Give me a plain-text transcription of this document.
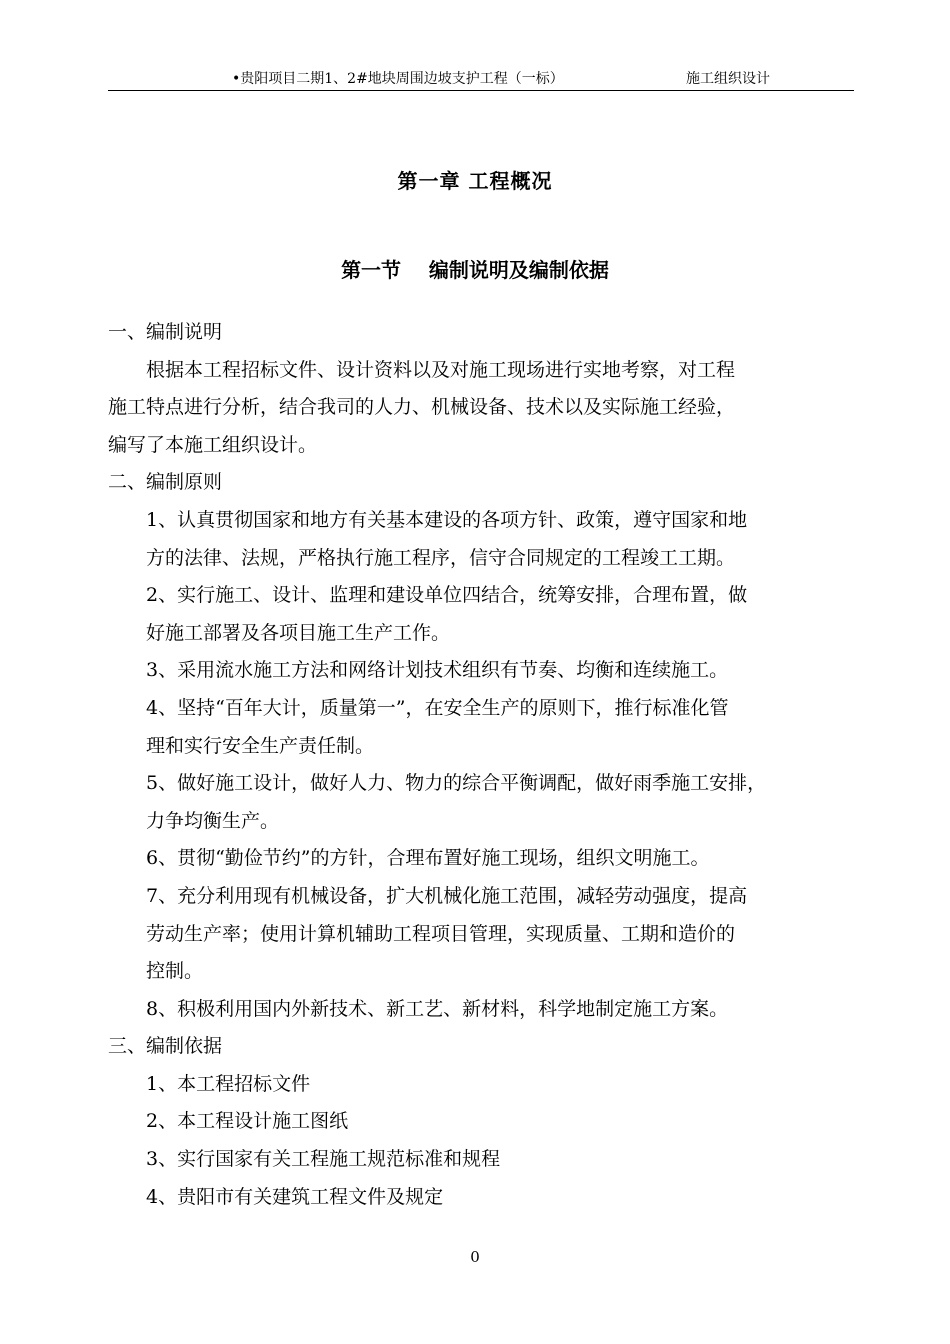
•贵阳项目二期1、2#地块周围边坡支护工程（一标）	施工组织设计
第一章 工程概况
第一节    编制说明及编制依据
一、编制说明
根据本工程招标文件、设计资料以及对施工现场进行实地考察，对工程
施工特点进行分析，结合我司的人力、机械设备、技术以及实际施工经验，
编写了本施工组织设计。
二、编制原则
1、认真贯彻国家和地方有关基本建设的各项方针、政策，遵守国家和地
方的法律、法规，严格执行施工程序，信守合同规定的工程竣工工期。
2、实行施工、设计、监理和建设单位四结合，统筹安排，合理布置，做
好施工部署及各项目施工生产工作。
3、采用流水施工方法和网络计划技术组织有节奏、均衡和连续施工。
4、坚持“百年大计，质量第一”，在安全生产的原则下，推行标准化管
理和实行安全生产责任制。
5、做好施工设计，做好人力、物力的综合平衡调配，做好雨季施工安排，
力争均衡生产。
6、贯彻“勤俭节约”的方针，合理布置好施工现场，组织文明施工。
7、充分利用现有机械设备，扩大机械化施工范围，减轻劳动强度，提高
劳动生产率；使用计算机辅助工程项目管理，实现质量、工期和造价的
控制。
8、积极利用国内外新技术、新工艺、新材料，科学地制定施工方案。
三、编制依据
1、本工程招标文件
2、本工程设计施工图纸
3、实行国家有关工程施工规范标准和规程
4、贵阳市有关建筑工程文件及规定
0
